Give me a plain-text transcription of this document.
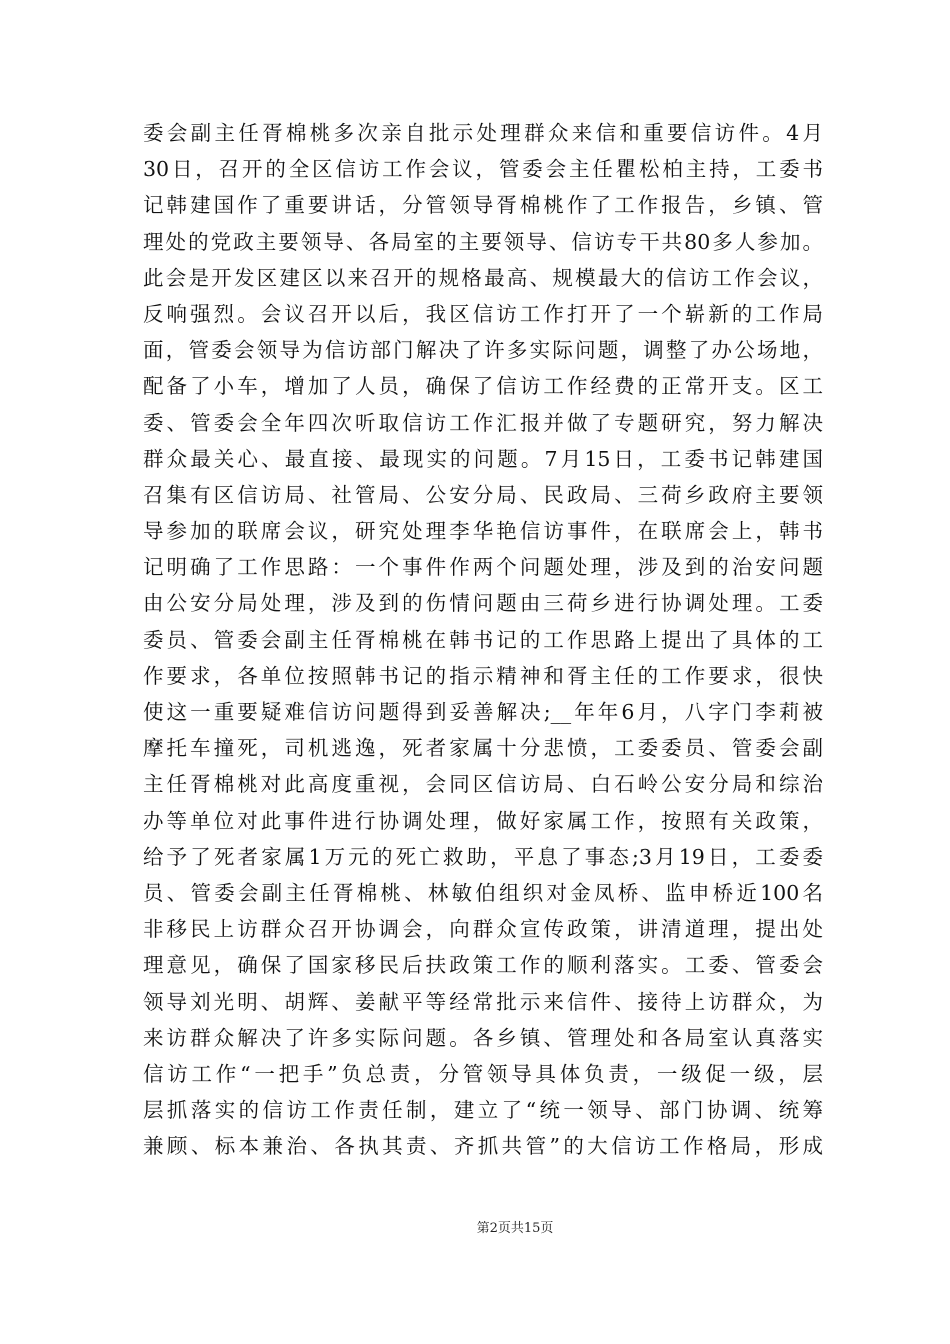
委会副主任胥棉桃多次亲自批示处理群众来信和重要信访件。4月
30日，召开的全区信访工作会议，管委会主任瞿松柏主持，工委书
记韩建国作了重要讲话，分管领导胥棉桃作了工作报告，乡镇、管
理处的党政主要领导、各局室的主要领导、信访专干共80多人参加。
此会是开发区建区以来召开的规格最高、规模最大的信访工作会议，
反响强烈。会议召开以后，我区信访工作打开了一个崭新的工作局
面，管委会领导为信访部门解决了许多实际问题，调整了办公场地，
配备了小车，增加了人员，确保了信访工作经费的正常开支。区工
委、管委会全年四次听取信访工作汇报并做了专题研究，努力解决
群众最关心、最直接、最现实的问题。7月15日，工委书记韩建国
召集有区信访局、社管局、公安分局、民政局、三荷乡政府主要领
导参加的联席会议，研究处理李华艳信访事件，在联席会上，韩书
记明确了工作思路：一个事件作两个问题处理，涉及到的治安问题
由公安分局处理，涉及到的伤情问题由三荷乡进行协调处理。工委
委员、管委会副主任胥棉桃在韩书记的工作思路上提出了具体的工
作要求，各单位按照韩书记的指示精神和胥主任的工作要求，很快
使这一重要疑难信访问题得到妥善解决;__年年6月，八字门李莉被
摩托车撞死，司机逃逸，死者家属十分悲愤，工委委员、管委会副
主任胥棉桃对此高度重视，会同区信访局、白石岭公安分局和综治
办等单位对此事件进行协调处理，做好家属工作，按照有关政策，
给予了死者家属1万元的死亡救助，平息了事态;3月19日，工委委
员、管委会副主任胥棉桃、林敏伯组织对金凤桥、监申桥近100名
非移民上访群众召开协调会，向群众宣传政策，讲清道理，提出处
理意见，确保了国家移民后扶政策工作的顺利落实。工委、管委会
领导刘光明、胡辉、姜献平等经常批示来信件、接待上访群众，为
来访群众解决了许多实际问题。各乡镇、管理处和各局室认真落实
信访工作“一把手”负总责，分管领导具体负责，一级促一级，层
层抓落实的信访工作责任制，建立了“统一领导、部门协调、统筹
兼顾、标本兼治、各执其责、齐抓共管”的大信访工作格局，形成
第2页共15页
